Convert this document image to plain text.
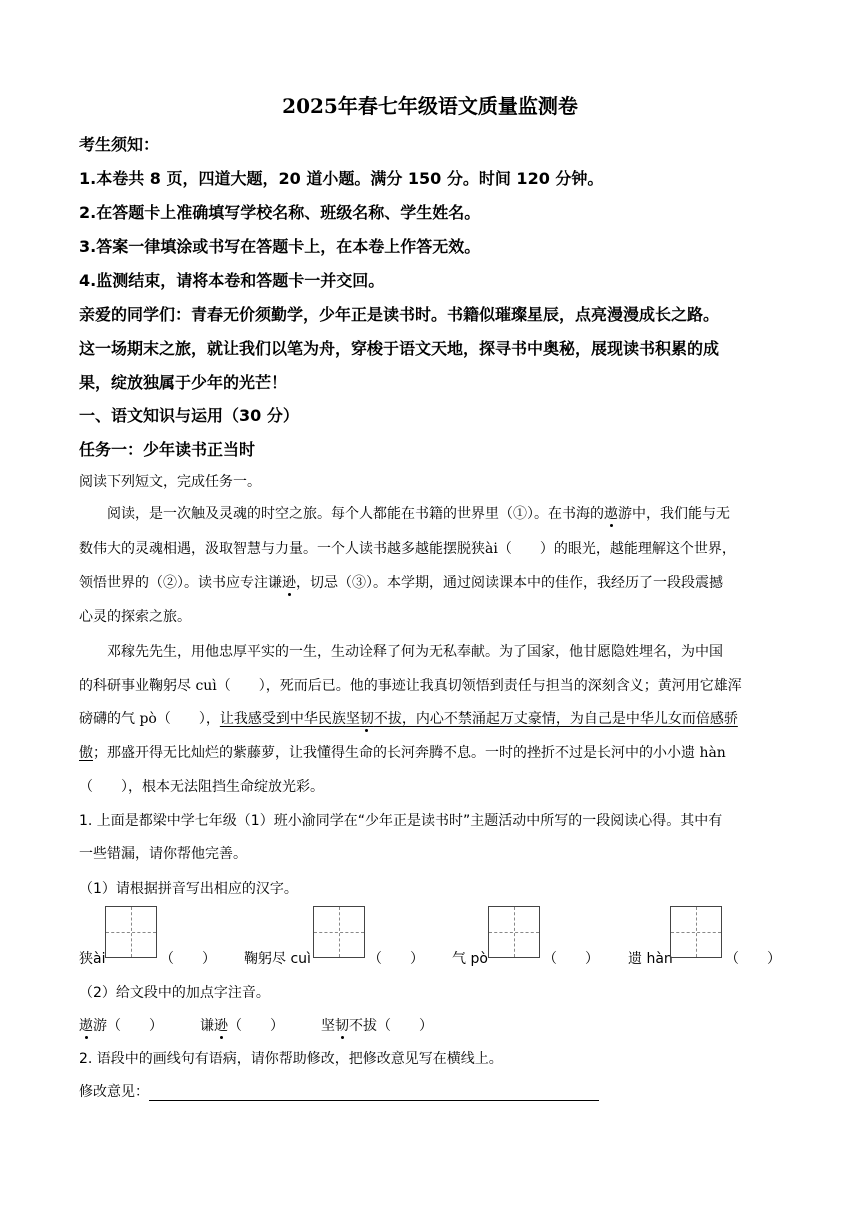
2025年春七年级语文质量监测卷
考生须知：
1.本卷共 8 页，四道大题，20 道小题。满分 150 分。时间 120 分钟。
2.在答题卡上准确填写学校名称、班级名称、学生姓名。
3.答案一律填涂或书写在答题卡上，在本卷上作答无效。
4.监测结束，请将本卷和答题卡一并交回。
亲爱的同学们：青春无价须勤学，少年正是读书时。书籍似璀璨星辰，点亮漫漫成长之路。
这一场期末之旅，就让我们以笔为舟，穿梭于语文天地，探寻书中奥秘，展现读书积累的成
果，绽放独属于少年的光芒！
一、语文知识与运用（30 分）
任务一：少年读书正当时
阅读下列短文，完成任务一。
阅读，是一次触及灵魂的时空之旅。每个人都能在书籍的世界里（①）。在书海的遨游中，我们能与无
数伟大的灵魂相遇，汲取智慧与力量。一个人读书越多越能摆脱狭ài（　　）的眼光，越能理解这个世界，
领悟世界的（②）。读书应专注谦逊，切忌（③）。本学期，通过阅读课本中的佳作，我经历了一段段震撼
心灵的探索之旅。
邓稼先先生，用他忠厚平实的一生，生动诠释了何为无私奉献。为了国家，他甘愿隐姓埋名，为中国
的科研事业鞠躬尽 cuì（　　），死而后已。他的事迹让我真切领悟到责任与担当的深刻含义；黄河用它雄浑
磅礴的气 pò（　　），让我感受到中华民族坚韧不拔，内心不禁涌起万丈豪情，为自己是中华儿女而倍感骄
傲；那盛开得无比灿烂的紫藤萝，让我懂得生命的长河奔腾不息。一时的挫折不过是长河中的小小遗 hàn
（　　），根本无法阻挡生命绽放光彩。
1. 上面是都梁中学七年级（1）班小渝同学在“少年正是读书时”主题活动中所写的一段阅读心得。其中有
一些错漏，请你帮他完善。
（1）请根据拼音写出相应的汉字。
狭ài	（　　） 鞠躬尽 cuì	（　　） 气 pò	（　　） 遗 hàn	（　　）
（2）给文段中的加点字注音。
遨游（　　）	谦逊（　　）	坚韧不拔（　　）
2. 语段中的画线句有语病，请你帮助修改，把修改意见写在横线上。
修改意见：
